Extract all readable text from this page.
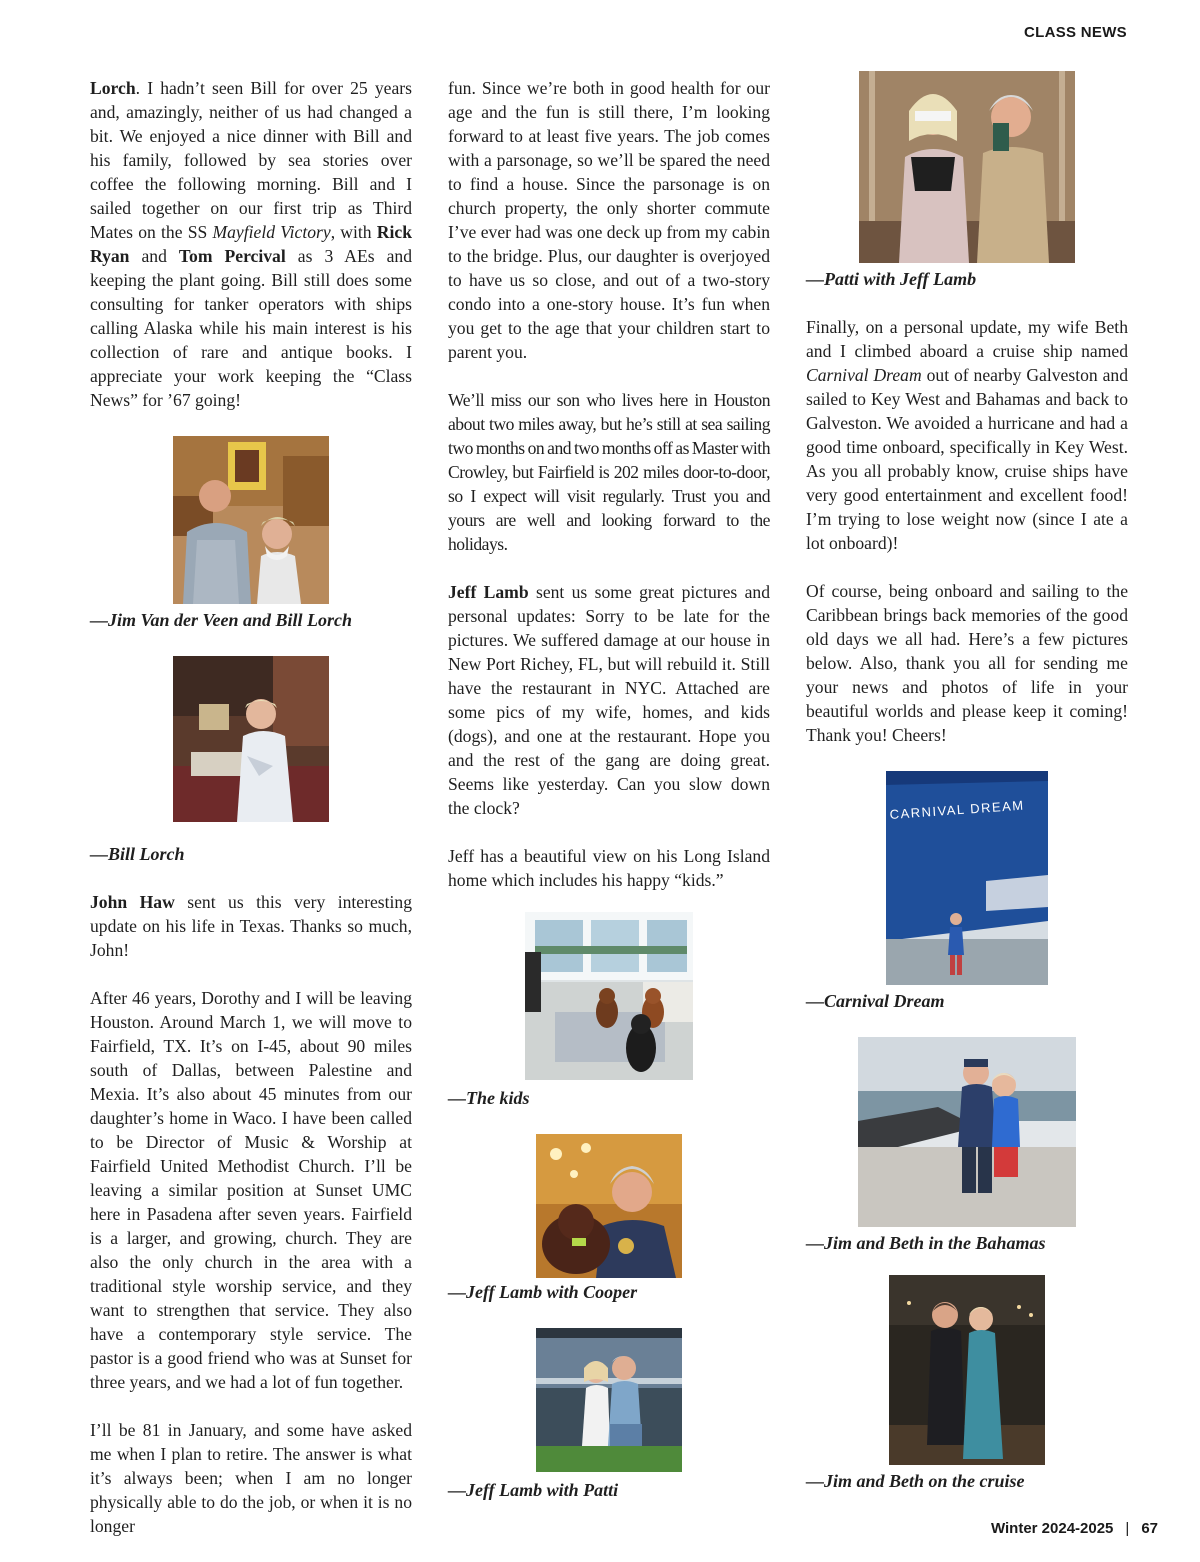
CLASS NEWS

Lorch. I hadn’t seen Bill for over 25 years and, amazingly, neither of us had changed a bit. We enjoyed a nice dinner with Bill and his family, followed by sea stories over coffee the following morning. Bill and I sailed together on our first trip as Third Mates on the SS Mayfield Victory, with Rick Ryan and Tom Percival as 3 AEs and keeping the plant going. Bill still does some consulting for tanker operators with ships calling Alaska while his main interest is his collection of rare and antique books. I appreciate your work keeping the “Class News” for ’67 going!

—Jim Van der Veen and Bill Lorch
—Bill Lorch

John Haw sent us this very interesting update on his life in Texas. Thanks so much, John!

After 46 years, Dorothy and I will be leaving Houston. Around March 1, we will move to Fairfield, TX. It’s on I-45, about 90 miles south of Dallas, between Palestine and Mexia. It’s also about 45 minutes from our daughter’s home in Waco. I have been called to be Director of Music & Worship at Fairfield United Methodist Church. I’ll be leaving a similar position at Sunset UMC here in Pasadena after seven years. Fairfield is a larger, and growing, church. They are also the only church in the area with a traditional style worship service, and they want to strengthen that service. They also have a contemporary style service. The pastor is a good friend who was at Sunset for three years, and we had a lot of fun together.

I’ll be 81 in January, and some have asked me when I plan to retire. The answer is what it’s always been; when I am no longer physically able to do the job, or when it is no longer

fun. Since we’re both in good health for our age and the fun is still there, I’m looking forward to at least five years. The job comes with a parsonage, so we’ll be spared the need to find a house. Since the parsonage is on church property, the only shorter commute I’ve ever had was one deck up from my cabin to the bridge. Plus, our daughter is overjoyed to have us so close, and out of a two-story condo into a one-story house. It’s fun when you get to the age that your children start to parent you.

We’ll miss our son who lives here in Houston about two miles away, but he’s still at sea sailing two months on and two months off as Master with Crowley, but Fairfield is 202 miles door-to-door, so I expect will visit regularly. Trust you and yours are well and looking forward to the holidays.

Jeff Lamb sent us some great pictures and personal updates: Sorry to be late for the pictures. We suffered damage at our house in New Port Richey, FL, but will rebuild it. Still have the restaurant in NYC. Attached are some pics of my wife, homes, and kids (dogs), and one at the restaurant. Hope you and the rest of the gang are doing great. Seems like yesterday. Can you slow down the clock?

Jeff has a beautiful view on his Long Island home which includes his happy “kids.”

—The kids
—Jeff Lamb with Cooper
—Jeff Lamb with Patti
—Patti with Jeff Lamb

Finally, on a personal update, my wife Beth and I climbed aboard a cruise ship named Carnival Dream out of nearby Galveston and sailed to Key West and Bahamas and back to Galveston. We avoided a hurricane and had a good time onboard, specifically in Key West. As you all probably know, cruise ships have very good entertainment and excellent food! I’m trying to lose weight now (since I ate a lot onboard)!

Of course, being onboard and sailing to the Caribbean brings back memories of the good old days we all had. Here’s a few pictures below. Also, thank you all for sending me your news and photos of life in your beautiful worlds and please keep it coming! Thank you! Cheers!

CARNIVAL DREAM
—Carnival Dream
—Jim and Beth in the Bahamas
—Jim and Beth on the cruise
Winter 2024-2025 | 67
